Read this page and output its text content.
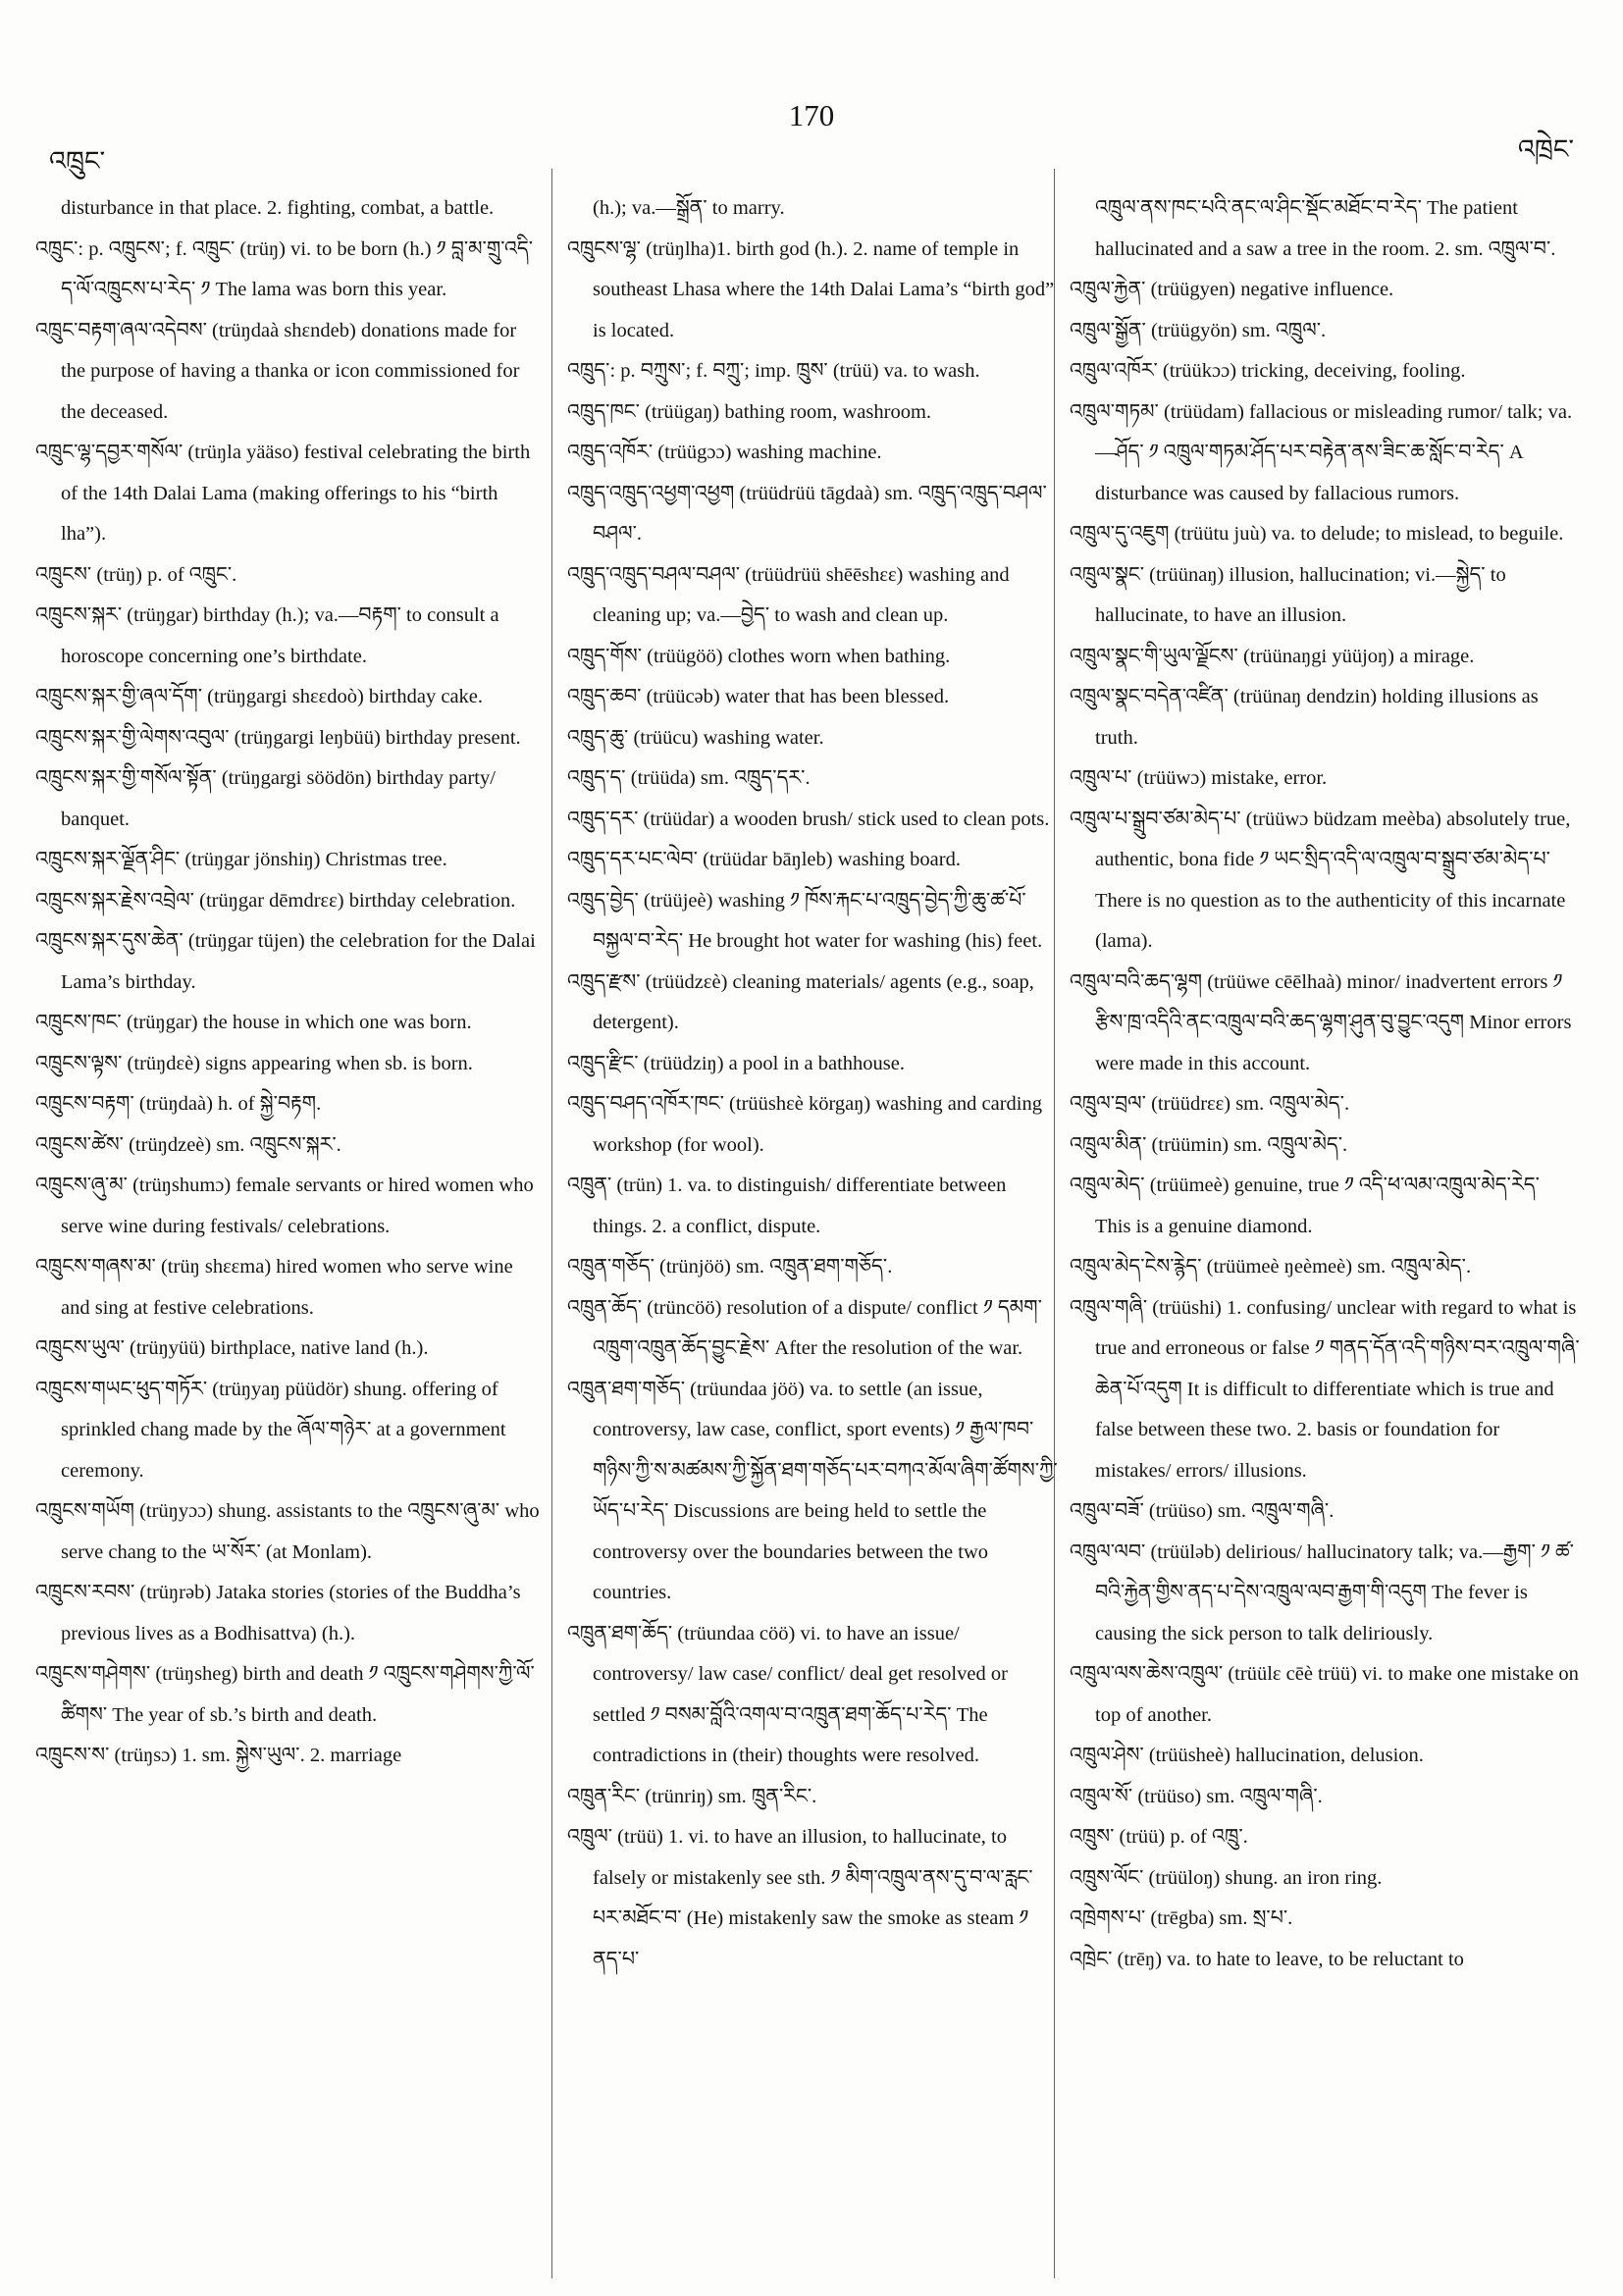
འཁྲུང་
170
འཁྲེང་

disturbance in that place. 2. fighting, combat, a battle.

འཁྲུང་: p. འཁྲུངས་; f. འཁྲུང་ (trüŋ) vi. to be born (h.) ༡ བླ་མ་གྲུ་འདི་ད་ལོ་འཁྲུངས་པ་རེད་ ༡ The lama was born this year.

འཁྲུང་བརྟག་ཞལ་འདེབས་ (trüŋdaà shɛndeb) donations made for the purpose of having a thanka or icon commissioned for the deceased.

འཁྲུང་ལྷ་དབྱར་གསོལ་ (trüŋla yääso) festival celebrating the birth of the 14th Dalai Lama (making offerings to his “birth lha”).

འཁྲུངས་ (trüŋ) p. of འཁྲུང་.

འཁྲུངས་སྐར་ (trüŋgar) birthday (h.); va.—བརྟག་ to consult a horoscope concerning one’s birthdate.

འཁྲུངས་སྐར་གྱི་ཞལ་དོག་ (trüŋgargi shɛɛdoò) birthday cake.

འཁྲུངས་སྐར་གྱི་ལེགས་འབུལ་ (trüŋgargi leŋbüü) birthday present.

འཁྲུངས་སྐར་གྱི་གསོལ་སྟོན་ (trüŋgargi söödön) birthday party/ banquet.

འཁྲུངས་སྐར་ལྗོན་ཤིང་ (trüŋgar jönshiŋ) Christmas tree.

འཁྲུངས་སྐར་རྗེས་འབྲེལ་ (trüŋgar dēmdrɛɛ) birthday celebration.

འཁྲུངས་སྐར་དུས་ཆེན་ (trüŋgar tüjen) the celebration for the Dalai Lama’s birthday.

འཁྲུངས་ཁང་ (trüŋgar) the house in which one was born.

འཁྲུངས་ལྟས་ (trüŋdɛè) signs appearing when sb. is born.

འཁྲུངས་བརྟག་ (trüŋdaà) h. of སྐྱེ་བརྟག.

འཁྲུངས་ཚེས་ (trüŋdzeè) sm. འཁྲུངས་སྐར་.

འཁྲུངས་ཞུ་མ་ (trüŋshumɔ) female servants or hired women who serve wine during festivals/ celebrations.

འཁྲུངས་གཞས་མ་ (trüŋ shɛɛma) hired women who serve wine and sing at festive celebrations.

འཁྲུངས་ཡུལ་ (trüŋyüü) birthplace, native land (h.).

འཁྲུངས་གཡང་ཕུད་གཏོར་ (trüŋyaŋ püüdör) shung. offering of sprinkled chang made by the ཞོལ་གཉེར་ at a government ceremony.

འཁྲུངས་གཡོག (trüŋyɔɔ) shung. assistants to the འཁྲུངས་ཞུ་མ་ who serve chang to the ཡ་སོར་ (at Monlam).

འཁྲུངས་རབས་ (trüŋrəb) Jataka stories (stories of the Buddha’s previous lives as a Bodhisattva) (h.).

འཁྲུངས་གཤེགས་ (trüŋsheg) birth and death ༡ འཁྲུངས་གཤེགས་ཀྱི་ལོ་ཚིགས་ The year of sb.’s birth and death.

འཁྲུངས་ས་ (trüŋsɔ) 1. sm. སྐྱེས་ཡུལ་. 2. marriage

(h.); va.—སྒྲོན་ to marry.

འཁྲུངས་ལྷ་ (trüŋlha)1. birth god (h.). 2. name of temple in southeast Lhasa where the 14th Dalai Lama’s “birth god” is located.

འཁྲུད་: p. བཀྲུས་; f. བཀྲུ་; imp. ཁྲུས་ (trüü) va. to wash.

འཁྲུད་ཁང་ (trüügaŋ) bathing room, washroom.

འཁྲུད་འཁོར་ (trüügɔɔ) washing machine.

འཁྲུད་འཁྲུད་འཕྱག་འཕྱག (trüüdrüü tāgdaà) sm. འཁྲུད་འཁྲུད་བཤལ་བཤལ་.

འཁྲུད་འཁྲུད་བཤལ་བཤལ་ (trüüdrüü shēēshɛɛ) washing and cleaning up; va.—བྱེད་ to wash and clean up.

འཁྲུད་གོས་ (trüügöö) clothes worn when bathing.

འཁྲུད་ཆབ་ (trüücəb) water that has been blessed.

འཁྲུད་ཆུ་ (trüücu) washing water.

འཁྲུད་ད་ (trüüda) sm. འཁྲུད་དར་.

འཁྲུད་དར་ (trüüdar) a wooden brush/ stick used to clean pots.

འཁྲུད་དར་པང་ལེབ་ (trüüdar bāŋleb) washing board.

འཁྲུད་བྱེད་ (trüüjeè) washing ༡ ཁོས་རྐང་པ་འཁྲུད་བྱེད་ཀྱི་ཆུ་ཚ་པོ་བསྐྱལ་བ་རེད་ He brought hot water for washing (his) feet.

འཁྲུད་རྫས་ (trüüdzɛè) cleaning materials/ agents (e.g., soap, detergent).

འཁྲུད་རྫིང་ (trüüdziŋ) a pool in a bathhouse.

འཁྲུད་བཤད་འཁོར་ཁང་ (trüüshɛè körgaŋ) washing and carding workshop (for wool).

འཁྲུན་ (trün) 1. va. to distinguish/ differentiate between things. 2. a conflict, dispute.

འཁྲུན་གཅོད་ (trünjöö) sm. འཁྲུན་ཐག་གཅོད་.

འཁྲུན་ཆོད་ (trüncöö) resolution of a dispute/ conflict ༡ དམག་འཁྲུག་འཁྲུན་ཆོད་བྱུང་རྗེས་ After the resolution of the war.

འཁྲུན་ཐག་གཅོད་ (trüundaa jöö) va. to settle (an issue, controversy, law case, conflict, sport events) ༡ རྒྱལ་ཁབ་གཉིས་ཀྱི་ས་མཚམས་ཀྱི་སྐྱོན་ཐག་གཅོད་པར་བཀའ་མོལ་ཞིག་ཚོགས་ཀྱི་ཡོད་པ་རེད་ Discussions are being held to settle the controversy over the boundaries between the two countries.

འཁྲུན་ཐག་ཆོད་ (trüundaa cöö) vi. to have an issue/ controversy/ law case/ conflict/ deal get resolved or settled ༡ བསམ་བློའི་འགལ་བ་འཁྲུན་ཐག་ཆོད་པ་རེད་ The contradictions in (their) thoughts were resolved.

འཁྲུན་རིང་ (trünriŋ) sm. ཁྲུན་རིང་.

འཁྲུལ་ (trüü) 1. vi. to have an illusion, to hallucinate, to falsely or mistakenly see sth. ༡ མིག་འཁྲུལ་ནས་དུ་བ་ལ་རླང་པར་མཐོང་བ་ (He) mistakenly saw the smoke as steam ༡ ནད་པ་

འཁྲུལ་ནས་ཁང་པའི་ནང་ལ་ཤིང་སྡོང་མཐོང་བ་རེད་ The patient hallucinated and a saw a tree in the room. 2. sm. འཁྲུལ་བ་.

འཁྲུལ་རྐྱེན་ (trüügyen) negative influence.

འཁྲུལ་སྒྱོན་ (trüügyön) sm. འཁྲུལ་.

འཁྲུལ་འཁོར་ (trüükɔɔ) tricking, deceiving, fooling.

འཁྲུལ་གཏམ་ (trüüdam) fallacious or misleading rumor/ talk; va.—ཤོད་ ༡ འཁྲུལ་གཏམ་ཤོད་པར་བརྟེན་ནས་ཟིང་ཆ་སློང་བ་རེད་ A disturbance was caused by fallacious rumors.

འཁྲུལ་དུ་འཇུག (trüütu juù) va. to delude; to mislead, to beguile.

འཁྲུལ་སྣང་ (trüünaŋ) illusion, hallucination; vi.—སྐྱེད་ to hallucinate, to have an illusion.

འཁྲུལ་སྣང་གི་ཡུལ་ལྗོངས་ (trüünaŋgi yüüjoŋ) a mirage.

འཁྲུལ་སྣང་བདེན་འཛིན་ (trüünaŋ dendzin) holding illusions as truth.

འཁྲུལ་པ་ (trüüwɔ) mistake, error.

འཁྲུལ་པ་སྒྲུབ་ཙམ་མེད་པ་ (trüüwɔ büdzam meèba) absolutely true, authentic, bona fide ༡ ཡང་སྲིད་འདི་ལ་འཁྲུལ་བ་སྒྲུབ་ཙམ་མེད་པ་ There is no question as to the authenticity of this incarnate (lama).

འཁྲུལ་བའི་ཆད་ལྷག (trüüwe cēēlhaà) minor/ inadvertent errors ༡ རྩིས་ཁྲ་འདིའི་ནང་འཁྲུལ་བའི་ཆད་ལྷག་ཤུན་བུ་བྱུང་འདུག Minor errors were made in this account.

འཁྲུལ་བྲལ་ (trüüdrɛɛ) sm. འཁྲུལ་མེད་.

འཁྲུལ་མིན་ (trüümin) sm. འཁྲུལ་མེད་.

འཁྲུལ་མེད་ (trüümeè) genuine, true ༡ འདི་ཕ་ལམ་འཁྲུལ་མེད་རེད་ This is a genuine diamond.

འཁྲུལ་མེད་ངེས་རྙེད་ (trüümeè ŋeèmeè) sm. འཁྲུལ་མེད་.

འཁྲུལ་གཞི་ (trüüshi) 1. confusing/ unclear with regard to what is true and erroneous or false ༡ གནད་དོན་འདི་གཉིས་བར་འཁྲུལ་གཞི་ཆེན་པོ་འདུག It is difficult to differentiate which is true and false between these two. 2. basis or foundation for mistakes/ errors/ illusions.

འཁྲུལ་བཟོ་ (trüüso) sm. འཁྲུལ་གཞི་.

འཁྲུལ་ལབ་ (trüüləb) delirious/ hallucinatory talk; va.—རྒྱག་ ༡ ཚ་བའི་རྐྱེན་གྱིས་ནད་པ་དེས་འཁྲུལ་ལབ་རྒྱག་གི་འདུག The fever is causing the sick person to talk deliriously.

འཁྲུལ་ལས་ཆེས་འཁྲུལ་ (trüülɛ cēè trüü) vi. to make one mistake on top of another.

འཁྲུལ་ཤེས་ (trüüsheè) hallucination, delusion.

འཁྲུལ་སོ་ (trüüso) sm. འཁྲུལ་གཞི་.

འཁྲུས་ (trüü) p. of འཁྲུ་.

འཁྲུས་ལོང་ (trüüloŋ) shung. an iron ring.

འཁྲེགས་པ་ (trēgba) sm. སྲ་པ་.

འཁྲེང་ (trēŋ) va. to hate to leave, to be reluctant to
